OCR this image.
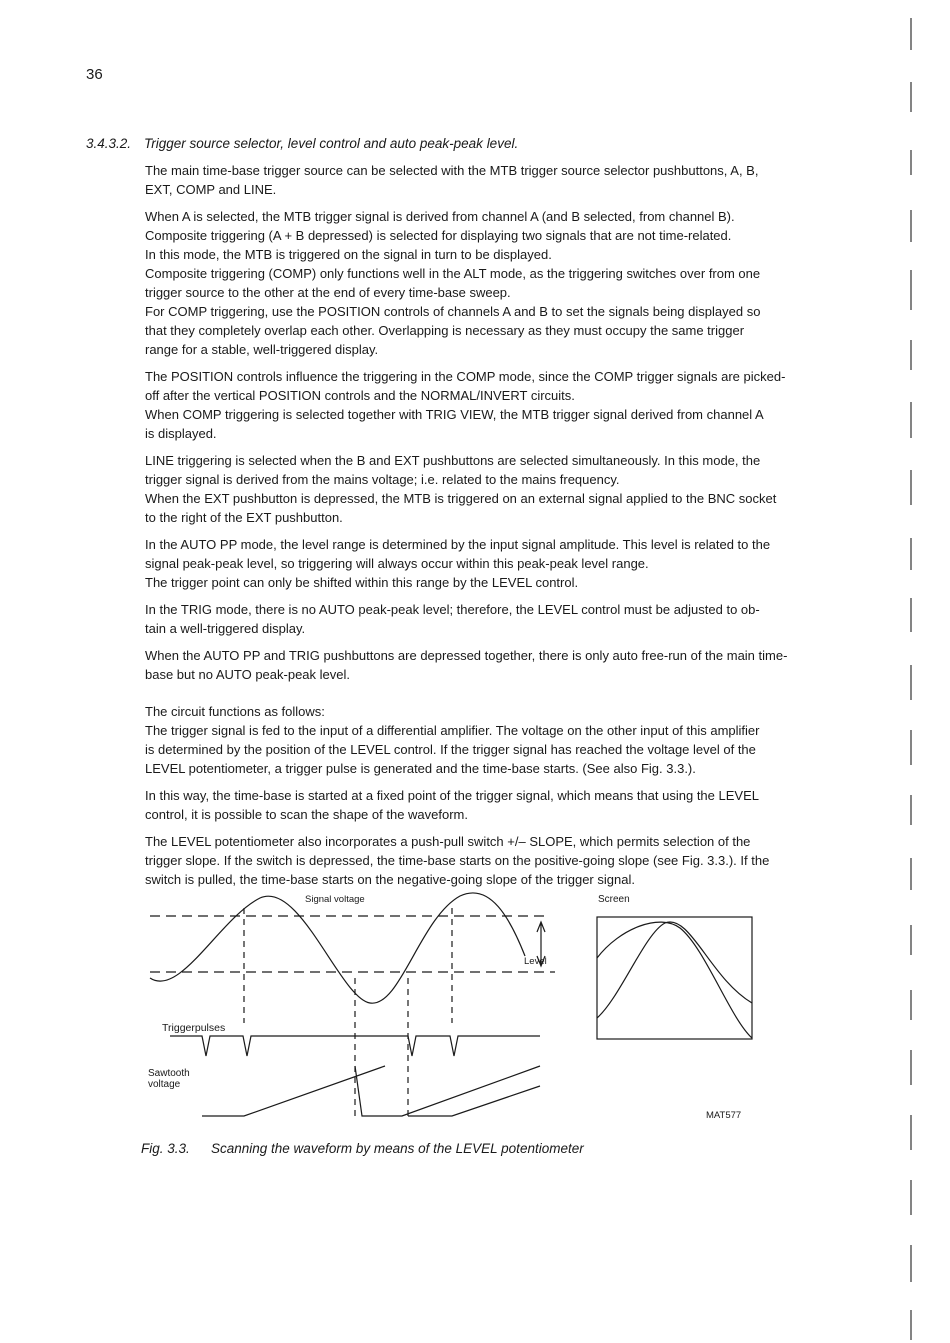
36
3.4.3.2. Trigger source selector, level control and auto peak-peak level.

The main time-base trigger source can be selected with the MTB trigger source selector pushbuttons, A, B,
EXT, COMP and LINE.

When A is selected, the MTB trigger signal is derived from channel A (and B selected, from channel B).
Composite triggering (A + B depressed) is selected for displaying two signals that are not time-related.
In this mode, the MTB is triggered on the signal in turn to be displayed.
Composite triggering (COMP) only functions well in the ALT mode, as the triggering switches over from one
trigger source to the other at the end of every time-base sweep.
For COMP triggering, use the POSITION controls of channels A and B to set the signals being displayed so
that they completely overlap each other. Overlapping is necessary as they must occupy the same trigger
range for a stable, well-triggered display.

The POSITION controls influence the triggering in the COMP mode, since the COMP trigger signals are picked-
off after the vertical POSITION controls and the NORMAL/INVERT circuits.
When COMP triggering is selected together with TRIG VIEW, the MTB trigger signal derived from channel A
is displayed.

LINE triggering is selected when the B and EXT pushbuttons are selected simultaneously. In this mode, the
trigger signal is derived from the mains voltage; i.e. related to the mains frequency.
When the EXT pushbutton is depressed, the MTB is triggered on an external signal applied to the BNC socket
to the right of the EXT pushbutton.

In the AUTO PP mode, the level range is determined by the input signal amplitude. This level is related to the
signal peak-peak level, so triggering will always occur within this peak-peak level range.
The trigger point can only be shifted within this range by the LEVEL control.

In the TRIG mode, there is no AUTO peak-peak level; therefore, the LEVEL control must be adjusted to ob-
tain a well-triggered display.

When the AUTO PP and TRIG pushbuttons are depressed together, there is only auto free-run of the main time-
base but no AUTO peak-peak level.

The circuit functions as follows:

The trigger signal is fed to the input of a differential amplifier. The voltage on the other input of this amplifier
is determined by the position of the LEVEL control. If the trigger signal has reached the voltage level of the
LEVEL potentiometer, a trigger pulse is generated and the time-base starts. (See also Fig. 3.3.).

In this way, the time-base is started at a fixed point of the trigger signal, which means that using the LEVEL
control, it is possible to scan the shape of the waveform.

The LEVEL potentiometer also incorporates a push-pull switch +/– SLOPE, which permits selection of the
trigger slope. If the switch is depressed, the time-base starts on the positive-going slope (see Fig. 3.3.). If the
switch is pulled, the time-base starts on the negative-going slope of the trigger signal.

Signal voltage
Level
Triggerpulses
Sawtooth
voltage
Screen
MAT577
Fig. 3.3. Scanning the waveform by means of the LEVEL potentiometer
